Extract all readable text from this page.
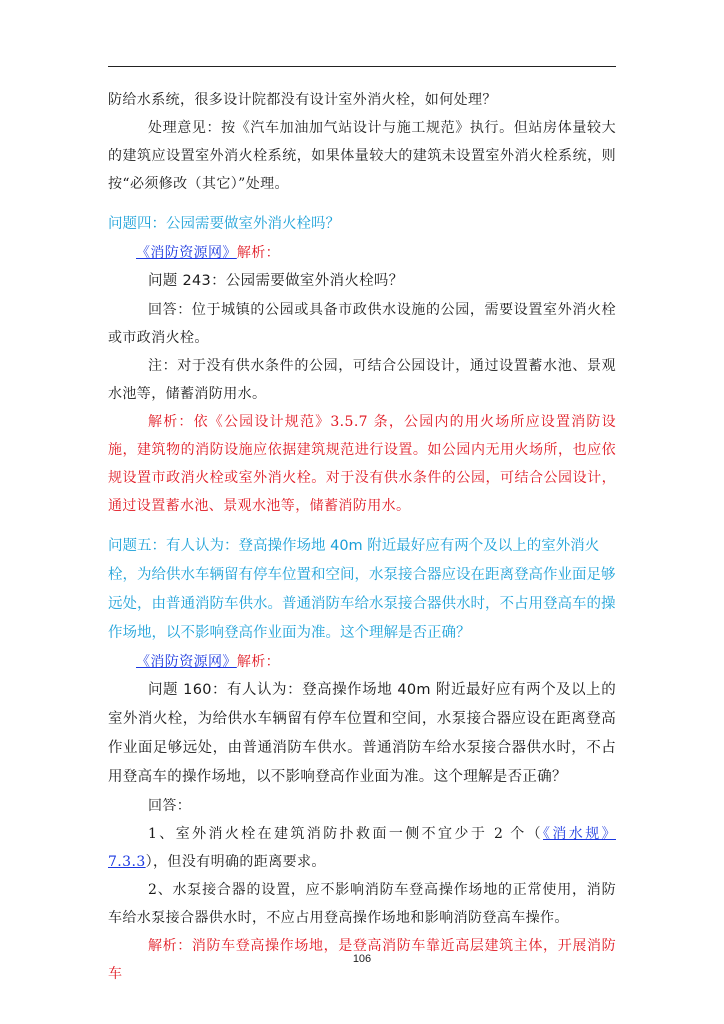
防给水系统，很多设计院都没有设计室外消火栓，如何处理？

处理意见：按《汽车加油加气站设计与施工规范》执行。但站房体量较大的建筑应设置室外消火栓系统，如果体量较大的建筑未设置室外消火栓系统，则按“必须修改（其它）”处理。

问题四：公园需要做室外消火栓吗？

《消防资源网》解析：

问题 243：公园需要做室外消火栓吗？

回答：位于城镇的公园或具备市政供水设施的公园，需要设置室外消火栓或市政消火栓。

注：对于没有供水条件的公园，可结合公园设计，通过设置蓄水池、景观水池等，储蓄消防用水。

解析：依《公园设计规范》3.5.7 条，公园内的用火场所应设置消防设施，建筑物的消防设施应依据建筑规范进行设置。如公园内无用火场所，也应依规设置市政消火栓或室外消火栓。对于没有供水条件的公园，可结合公园设计，通过设置蓄水池、景观水池等，储蓄消防用水。

问题五：有人认为：登高操作场地 40m 附近最好应有两个及以上的室外消火栓，为给供水车辆留有停车位置和空间，水泵接合器应设在距离登高作业面足够远处，由普通消防车供水。普通消防车给水泵接合器供水时，不占用登高车的操作场地，以不影响登高作业面为准。这个理解是否正确？

《消防资源网》解析：

问题 160：有人认为：登高操作场地 40m 附近最好应有两个及以上的室外消火栓，为给供水车辆留有停车位置和空间，水泵接合器应设在距离登高作业面足够远处，由普通消防车供水。普通消防车给水泵接合器供水时，不占用登高车的操作场地，以不影响登高作业面为准。这个理解是否正确？

回答：

1、室外消火栓在建筑消防扑救面一侧不宜少于 2 个（《消水规》7.3.3），但没有明确的距离要求。

2、水泵接合器的设置，应不影响消防车登高操作场地的正常使用，消防车给水泵接合器供水时，不应占用登高操作场地和影响消防登高车操作。

解析：消防车登高操作场地，是登高消防车靠近高层建筑主体，开展消防车

106
